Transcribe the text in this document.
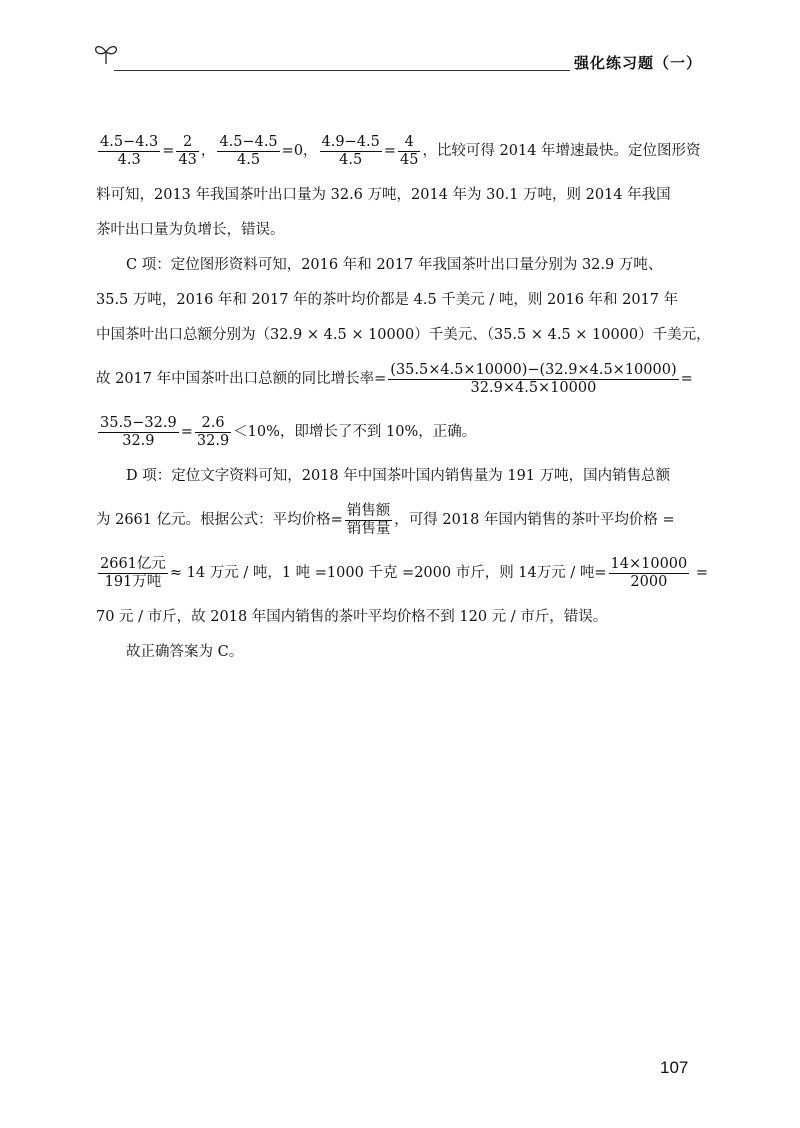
强化练习题（一）
$\frac{4.5-4.3}{4.3} = \frac{2}{43}$ ， $\frac{4.5-4.5}{4.5} =0$， $\frac{4.9-4.5}{4.5} = \frac{4}{45}$ ，比较可得 2014 年增速最快。定位图形资
料可知，2013 年我国茶叶出口量为 32.6 万吨，2014 年为 30.1 万吨，则 2014 年我国
茶叶出口量为负增长，错误。
C 项：定位图形资料可知，2016 年和 2017 年我国茶叶出口量分别为 32.9 万吨、
35.5 万吨，2016 年和 2017 年的茶叶均价都是 4.5 千美元 / 吨，则 2016 年和 2017 年
中国茶叶出口总额分别为（32.9 × 4.5 × 10000）千美元、（35.5 × 4.5 × 10000）千美元，
故 2017 年中国茶叶出口总额的同比增长率= $\frac{(35.5\times 4.5\times 10000)-(32.9\times 4.5\times 10000)}{32.9\times 4.5\times 10000}$ =
$\frac{35.5-32.9}{32.9} = \frac{2.6}{32.9} <10\%$，即增长了不到 10%，正确。
D 项：定位文字资料可知，2018 年中国茶叶国内销售量为 191 万吨，国内销售总额
为 2661 亿元。根据公式：平均价格= $\frac{\text{销售额}}{\text{销售量}}$ ，可得 2018 年国内销售的茶叶平均价格 =
$\frac{\text{2661亿元}}{\text{191万吨}} \approx 14$ 万元 / 吨，1 吨 =1000 千克 =2000 市斤，则 14万元 / 吨= $\frac{14\times 10000}{2000}$ =
70 元 / 市斤，故 2018 年国内销售的茶叶平均价格不到 120 元 / 市斤，错误。
故正确答案为 C。
107
